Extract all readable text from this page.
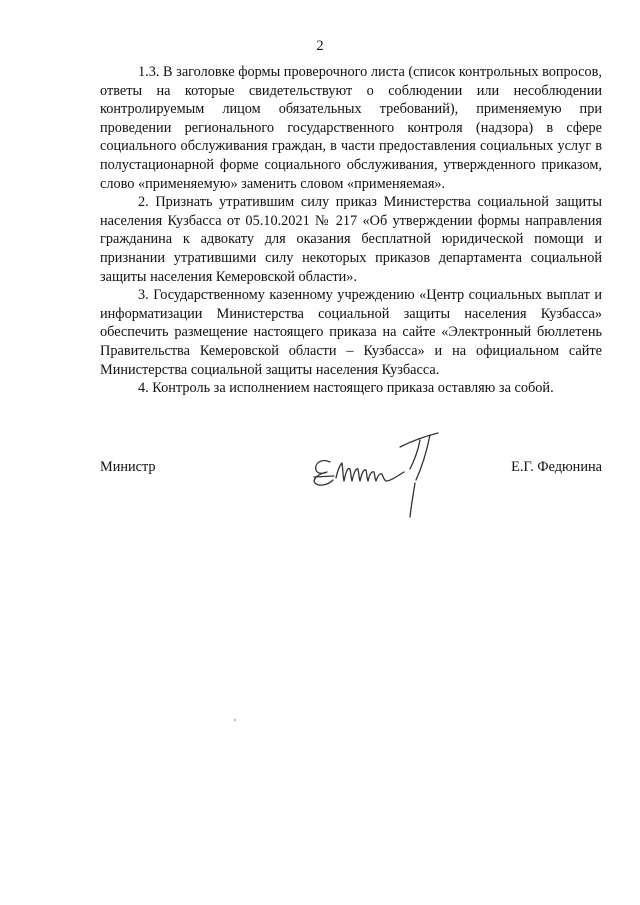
2

1.3. В заголовке формы проверочного листа (список контрольных вопросов, ответы на которые свидетельствуют о соблюдении или несоблюдении контролируемым лицом обязательных требований), применяемую при проведении регионального государственного контроля (надзора) в сфере социального обслуживания граждан, в части предоставления социальных услуг в полустационарной форме социального обслуживания, утвержденного приказом, слово «применяемую» заменить словом «применяемая».

2. Признать утратившим силу приказ Министерства социальной защиты населения Кузбасса от 05.10.2021 № 217 «Об утверждении формы направления гражданина к адвокату для оказания бесплатной юридической помощи и признании утратившими силу некоторых приказов департамента социальной защиты населения Кемеровской области».

3. Государственному казенному учреждению «Центр социальных выплат и информатизации Министерства социальной защиты населения Кузбасса» обеспечить размещение настоящего приказа на сайте «Электронный бюллетень Правительства Кемеровской области – Кузбасса» и на официальном сайте Министерства социальной защиты населения Кузбасса.

4. Контроль за исполнением настоящего приказа оставляю за собой.

Министр	Е.Г. Федюнина
